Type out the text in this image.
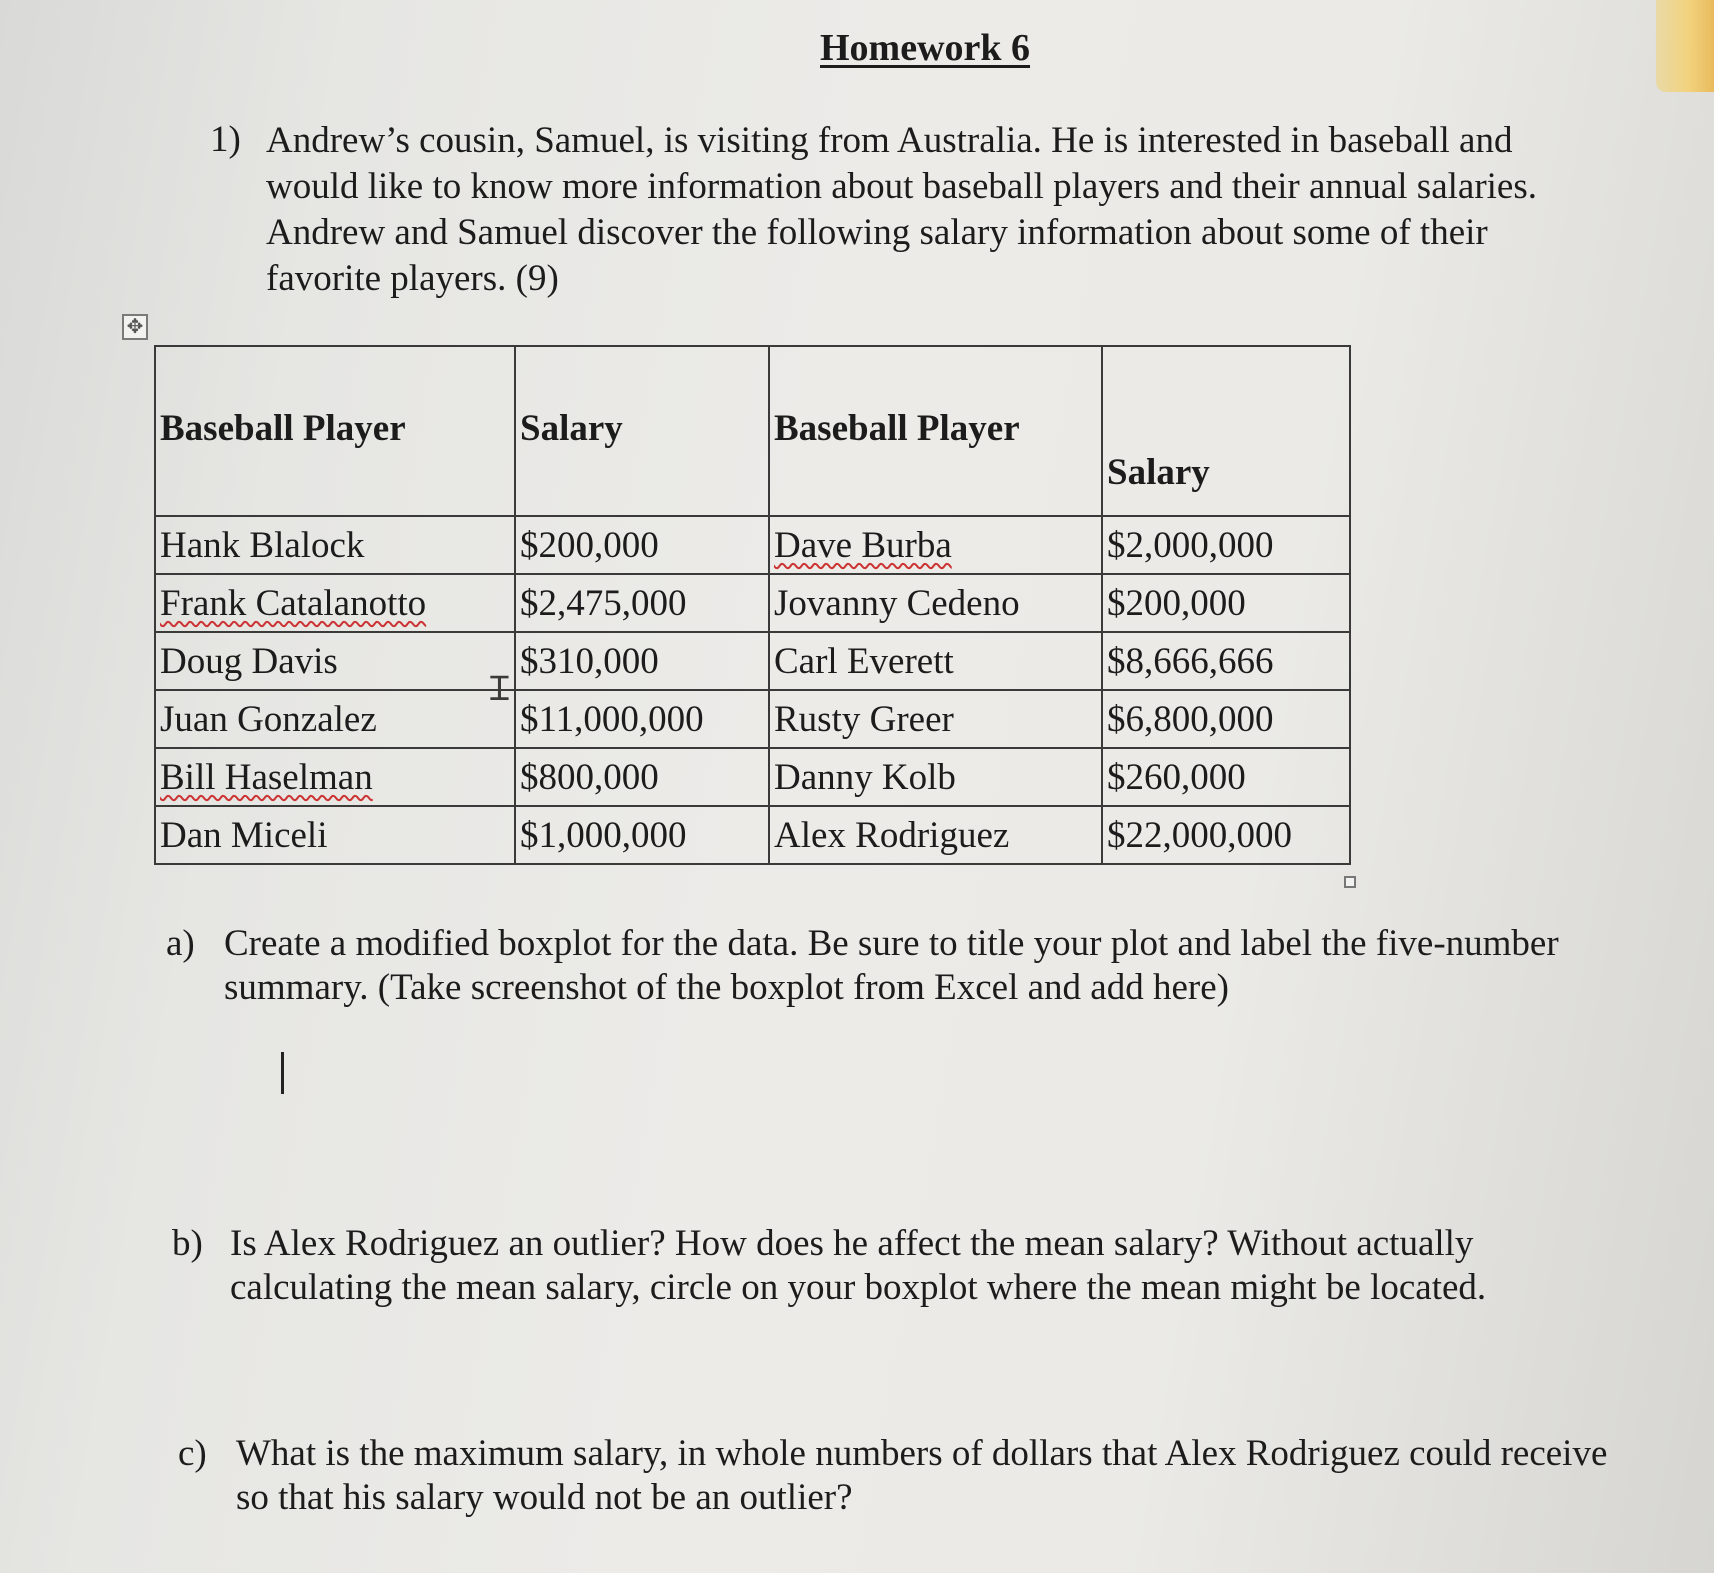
Homework 6
1) Andrew’s cousin, Samuel, is visiting from Australia. He is interested in baseball and would like to know more information about baseball players and their annual salaries. Andrew and Samuel discover the following salary information about some of their favorite players. (9)
✥
Baseball Player	Salary	Baseball Player	Salary
Hank Blalock	$200,000	Dave Burba	$2,000,000
Frank Catalanotto	$2,475,000	Jovanny Cedeno	$200,000
Doug Davis	$310,000	Carl Everett	$8,666,666
Juan Gonzalez	$11,000,000	Rusty Greer	$6,800,000
Bill Haselman	$800,000	Danny Kolb	$260,000
Dan Miceli	$1,000,000	Alex Rodriguez	$22,000,000
Ɪ
a) Create a modified boxplot for the data. Be sure to title your plot and label the five-number summary. (Take screenshot of the boxplot from Excel and add here)
b) Is Alex Rodriguez an outlier? How does he affect the mean salary? Without actually calculating the mean salary, circle on your boxplot where the mean might be located.
c) What is the maximum salary, in whole numbers of dollars that Alex Rodriguez could receive so that his salary would not be an outlier?
